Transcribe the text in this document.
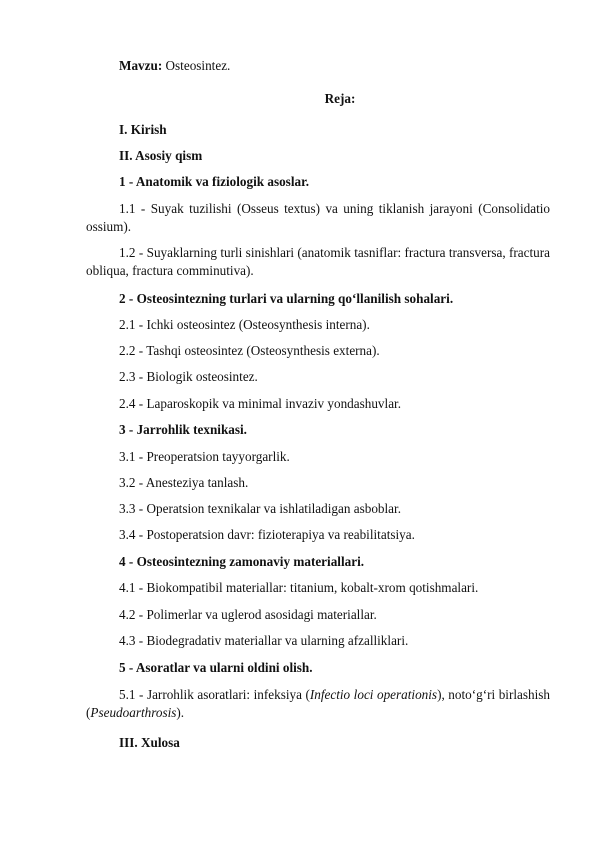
Mavzu: Osteosintez.
Reja:
I. Kirish
II. Asosiy qism
1 - Anatomik va fiziologik asoslar.
1.1 - Suyak tuzilishi (Osseus textus) va uning tiklanish jarayoni (Consolidatio ossium).
1.2 - Suyaklarning turli sinishlari (anatomik tasniflar: fractura transversa, fractura obliqua, fractura comminutiva).
2 - Osteosintezning turlari va ularning qo‘llanilish sohalari.
2.1 - Ichki osteosintez (Osteosynthesis interna).
2.2 - Tashqi osteosintez (Osteosynthesis externa).
2.3 - Biologik osteosintez.
2.4 - Laparoskopik va minimal invaziv yondashuvlar.
3 - Jarrohlik texnikasi.
3.1 - Preoperatsion tayyorgarlik.
3.2 - Anesteziya tanlash.
3.3 - Operatsion texnikalar va ishlatiladigan asboblar.
3.4 - Postoperatsion davr: fizioterapiya va reabilitatsiya.
4 - Osteosintezning zamonaviy materiallari.
4.1 - Biokompatibil materiallar: titanium, kobalt-xrom qotishmalari.
4.2 - Polimerlar va uglerod asosidagi materiallar.
4.3 - Biodegradativ materiallar va ularning afzalliklari.
5 - Asoratlar va ularni oldini olish.
5.1 - Jarrohlik asoratlari: infeksiya (Infectio loci operationis), noto‘g‘ri birlashish (Pseudoarthrosis).
III. Xulosa
